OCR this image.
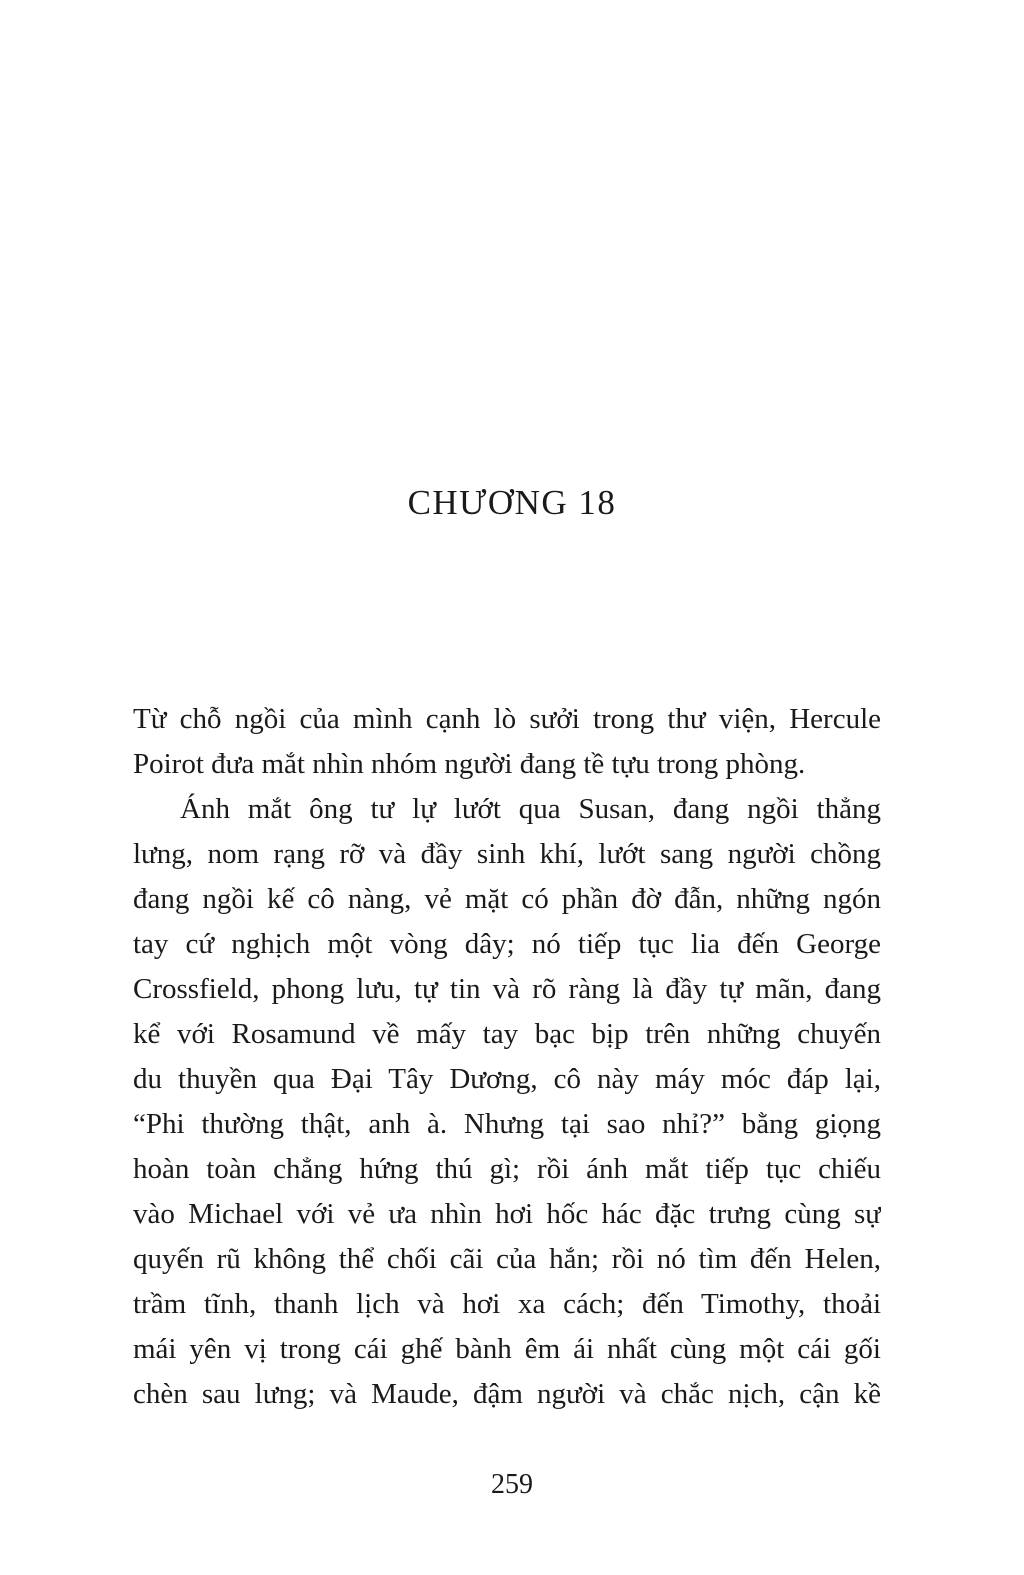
CHƯƠNG 18
Từ chỗ ngồi của mình cạnh lò sưởi trong thư viện, Hercule
Poirot đưa mắt nhìn nhóm người đang tề tựu trong phòng.
Ánh mắt ông tư lự lướt qua Susan, đang ngồi thẳng
lưng, nom rạng rỡ và đầy sinh khí, lướt sang người chồng
đang ngồi kế cô nàng, vẻ mặt có phần đờ đẫn, những ngón
tay cứ nghịch một vòng dây; nó tiếp tục lia đến George
Crossfield, phong lưu, tự tin và rõ ràng là đầy tự mãn, đang
kể với Rosamund về mấy tay bạc bịp trên những chuyến
du thuyền qua Đại Tây Dương, cô này máy móc đáp lại,
“Phi thường thật, anh à. Nhưng tại sao nhỉ?” bằng giọng
hoàn toàn chẳng hứng thú gì; rồi ánh mắt tiếp tục chiếu
vào Michael với vẻ ưa nhìn hơi hốc hác đặc trưng cùng sự
quyến rũ không thể chối cãi của hắn; rồi nó tìm đến Helen,
trầm tĩnh, thanh lịch và hơi xa cách; đến Timothy, thoải
mái yên vị trong cái ghế bành êm ái nhất cùng một cái gối
chèn sau lưng; và Maude, đậm người và chắc nịch, cận kề
259
